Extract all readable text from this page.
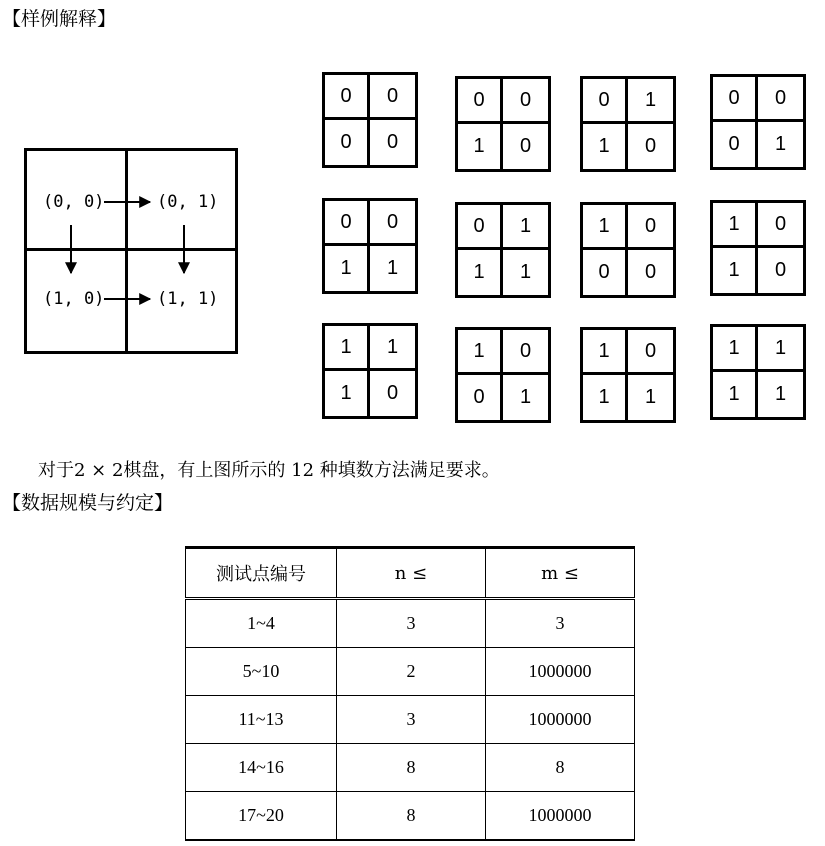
【样例解释】
(0, 0)	(0, 1)
(1, 0)	(1, 1)
0	0
0	0
0	0
1	0
0	1
1	0
0	0
0	1
0	0
1	1
0	1
1	1
1	0
0	0
1	0
1	0
1	1
1	0
1	0
0	1
1	0
1	1
1	1
1	1
对于2 × 2棋盘，有上图所示的 12 种填数方法满足要求。
【数据规模与约定】
测试点编号	n ≤	m ≤
1~4	3	3
5~10	2	1000000
11~13	3	1000000
14~16	8	8
17~20	8	1000000
